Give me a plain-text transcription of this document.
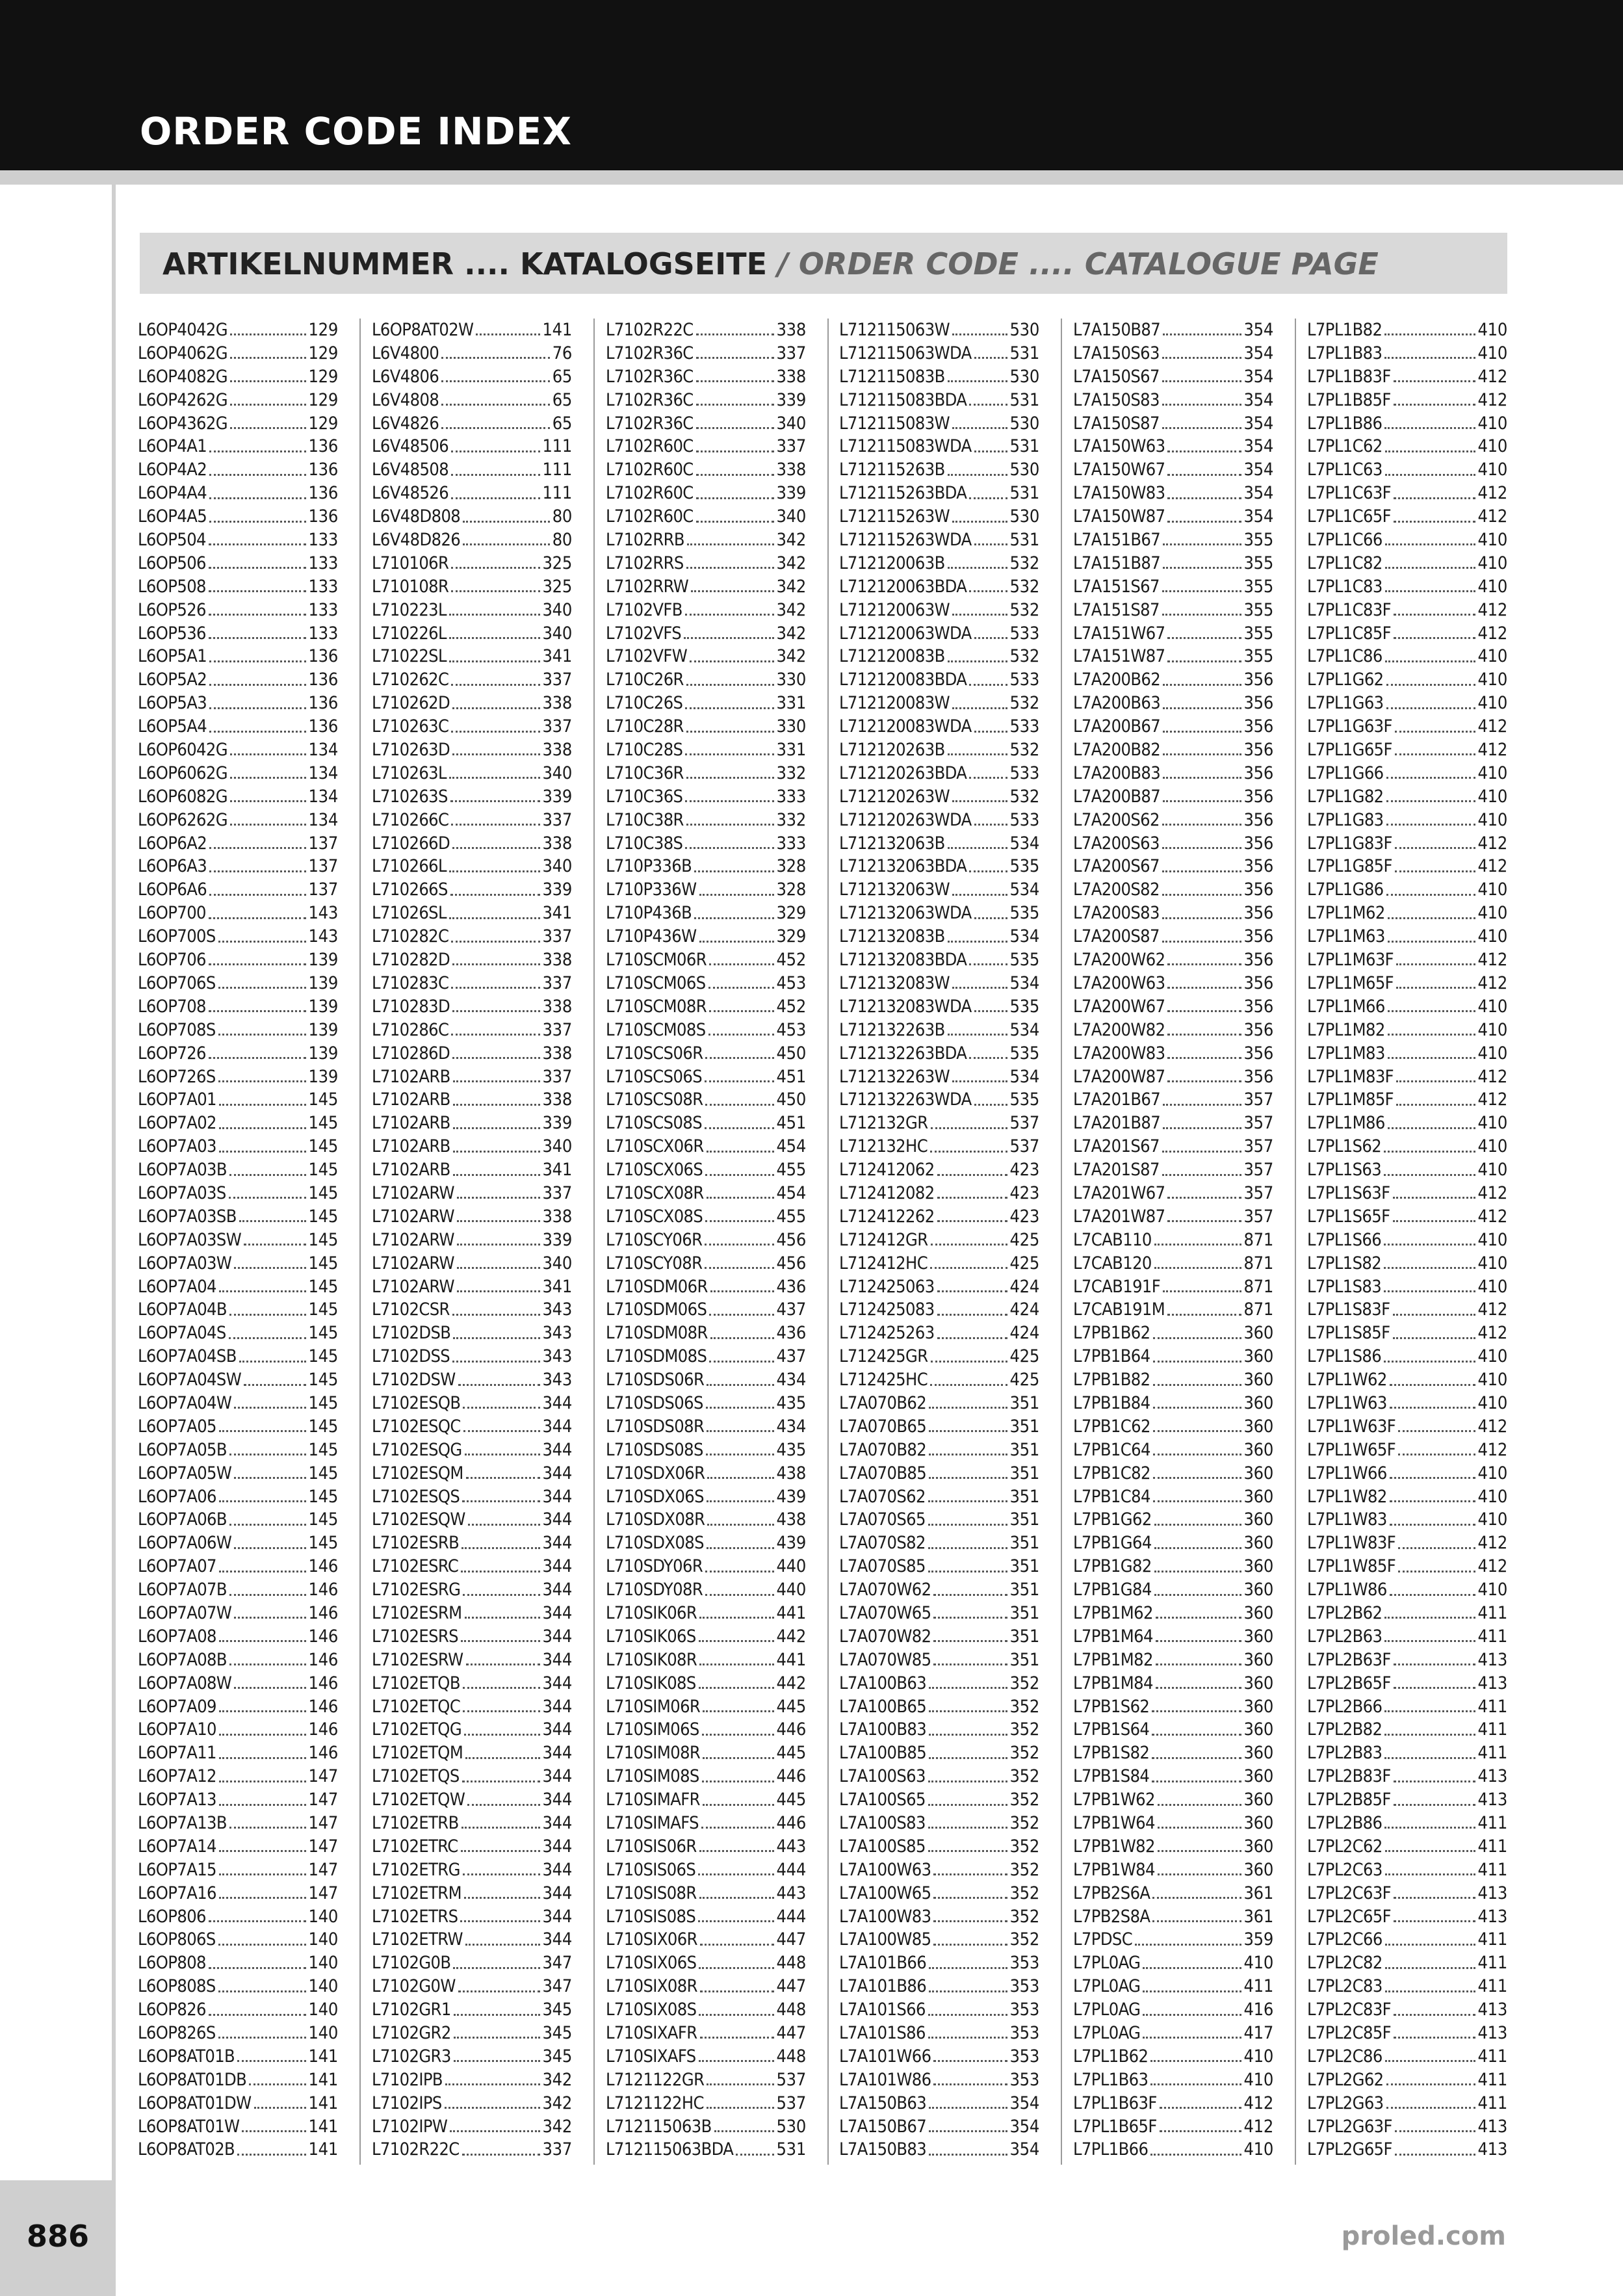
ORDER CODE INDEX
ARTIKELNUMMER .... KATALOGSEITE / ORDER CODE .... CATALOGUE PAGE
L6OP4042G	129
L6OP4062G	129
L6OP4082G	129
L6OP4262G	129
L6OP4362G	129
L6OP4A1	136
L6OP4A2	136
L6OP4A4	136
L6OP4A5	136
L6OP504	133
L6OP506	133
L6OP508	133
L6OP526	133
L6OP536	133
L6OP5A1	136
L6OP5A2	136
L6OP5A3	136
L6OP5A4	136
L6OP6042G	134
L6OP6062G	134
L6OP6082G	134
L6OP6262G	134
L6OP6A2	137
L6OP6A3	137
L6OP6A6	137
L6OP700	143
L6OP700S	143
L6OP706	139
L6OP706S	139
L6OP708	139
L6OP708S	139
L6OP726	139
L6OP726S	139
L6OP7A01	145
L6OP7A02	145
L6OP7A03	145
L6OP7A03B	145
L6OP7A03S	145
L6OP7A03SB	145
L6OP7A03SW	145
L6OP7A03W	145
L6OP7A04	145
L6OP7A04B	145
L6OP7A04S	145
L6OP7A04SB	145
L6OP7A04SW	145
L6OP7A04W	145
L6OP7A05	145
L6OP7A05B	145
L6OP7A05W	145
L6OP7A06	145
L6OP7A06B	145
L6OP7A06W	145
L6OP7A07	146
L6OP7A07B	146
L6OP7A07W	146
L6OP7A08	146
L6OP7A08B	146
L6OP7A08W	146
L6OP7A09	146
L6OP7A10	146
L6OP7A11	146
L6OP7A12	147
L6OP7A13	147
L6OP7A13B	147
L6OP7A14	147
L6OP7A15	147
L6OP7A16	147
L6OP806	140
L6OP806S	140
L6OP808	140
L6OP808S	140
L6OP826	140
L6OP826S	140
L6OP8AT01B	141
L6OP8AT01DB	141
L6OP8AT01DW	141
L6OP8AT01W	141
L6OP8AT02B	141
L6OP8AT02W	141
L6V4800	76
L6V4806	65
L6V4808	65
L6V4826	65
L6V48506	111
L6V48508	111
L6V48526	111
L6V48D808	80
L6V48D826	80
L710106R	325
L710108R	325
L710223L	340
L710226L	340
L71022SL	341
L710262C	337
L710262D	338
L710263C	337
L710263D	338
L710263L	340
L710263S	339
L710266C	337
L710266D	338
L710266L	340
L710266S	339
L71026SL	341
L710282C	337
L710282D	338
L710283C	337
L710283D	338
L710286C	337
L710286D	338
L7102ARB	337
L7102ARB	338
L7102ARB	339
L7102ARB	340
L7102ARB	341
L7102ARW	337
L7102ARW	338
L7102ARW	339
L7102ARW	340
L7102ARW	341
L7102CSR	343
L7102DSB	343
L7102DSS	343
L7102DSW	343
L7102ESQB	344
L7102ESQC	344
L7102ESQG	344
L7102ESQM	344
L7102ESQS	344
L7102ESQW	344
L7102ESRB	344
L7102ESRC	344
L7102ESRG	344
L7102ESRM	344
L7102ESRS	344
L7102ESRW	344
L7102ETQB	344
L7102ETQC	344
L7102ETQG	344
L7102ETQM	344
L7102ETQS	344
L7102ETQW	344
L7102ETRB	344
L7102ETRC	344
L7102ETRG	344
L7102ETRM	344
L7102ETRS	344
L7102ETRW	344
L7102G0B	347
L7102G0W	347
L7102GR1	345
L7102GR2	345
L7102GR3	345
L7102IPB	342
L7102IPS	342
L7102IPW	342
L7102R22C	337
L7102R22C	338
L7102R36C	337
L7102R36C	338
L7102R36C	339
L7102R36C	340
L7102R60C	337
L7102R60C	338
L7102R60C	339
L7102R60C	340
L7102RRB	342
L7102RRS	342
L7102RRW	342
L7102VFB	342
L7102VFS	342
L7102VFW	342
L710C26R	330
L710C26S	331
L710C28R	330
L710C28S	331
L710C36R	332
L710C36S	333
L710C38R	332
L710C38S	333
L710P336B	328
L710P336W	328
L710P436B	329
L710P436W	329
L710SCM06R	452
L710SCM06S	453
L710SCM08R	452
L710SCM08S	453
L710SCS06R	450
L710SCS06S	451
L710SCS08R	450
L710SCS08S	451
L710SCX06R	454
L710SCX06S	455
L710SCX08R	454
L710SCX08S	455
L710SCY06R	456
L710SCY08R	456
L710SDM06R	436
L710SDM06S	437
L710SDM08R	436
L710SDM08S	437
L710SDS06R	434
L710SDS06S	435
L710SDS08R	434
L710SDS08S	435
L710SDX06R	438
L710SDX06S	439
L710SDX08R	438
L710SDX08S	439
L710SDY06R	440
L710SDY08R	440
L710SIK06R	441
L710SIK06S	442
L710SIK08R	441
L710SIK08S	442
L710SIM06R	445
L710SIM06S	446
L710SIM08R	445
L710SIM08S	446
L710SIMAFR	445
L710SIMAFS	446
L710SIS06R	443
L710SIS06S	444
L710SIS08R	443
L710SIS08S	444
L710SIX06R	447
L710SIX06S	448
L710SIX08R	447
L710SIX08S	448
L710SIXAFR	447
L710SIXAFS	448
L7121122GR	537
L7121122HC	537
L712115063B	530
L712115063BDA 531
L712115063W	530
L712115063WDA 531
L712115083B	530
L712115083BDA 531
L712115083W	530
L712115083WDA 531
L712115263B	530
L712115263BDA 531
L712115263W	530
L712115263WDA 531
L712120063B	532
L712120063BDA 532
L712120063W	532
L712120063WDA 533
L712120083B	532
L712120083BDA 533
L712120083W	532
L712120083WDA 533
L712120263B	532
L712120263BDA 533
L712120263W	532
L712120263WDA 533
L712132063B	534
L712132063BDA 535
L712132063W	534
L712132063WDA 535
L712132083B	534
L712132083BDA 535
L712132083W	534
L712132083WDA 535
L712132263B	534
L712132263BDA 535
L712132263W	534
L712132263WDA 535
L712132GR	537
L712132HC	537
L712412062	423
L712412082	423
L712412262	423
L712412GR	425
L712412HC	425
L712425063	424
L712425083	424
L712425263	424
L712425GR	425
L712425HC	425
L7A070B62	351
L7A070B65	351
L7A070B82	351
L7A070B85	351
L7A070S62	351
L7A070S65	351
L7A070S82	351
L7A070S85	351
L7A070W62	351
L7A070W65	351
L7A070W82	351
L7A070W85	351
L7A100B63	352
L7A100B65	352
L7A100B83	352
L7A100B85	352
L7A100S63	352
L7A100S65	352
L7A100S83	352
L7A100S85	352
L7A100W63	352
L7A100W65	352
L7A100W83	352
L7A100W85	352
L7A101B66	353
L7A101B86	353
L7A101S66	353
L7A101S86	353
L7A101W66	353
L7A101W86	353
L7A150B63	354
L7A150B67	354
L7A150B83	354
L7A150B87	354
L7A150S63	354
L7A150S67	354
L7A150S83	354
L7A150S87	354
L7A150W63	354
L7A150W67	354
L7A150W83	354
L7A150W87	354
L7A151B67	355
L7A151B87	355
L7A151S67	355
L7A151S87	355
L7A151W67	355
L7A151W87	355
L7A200B62	356
L7A200B63	356
L7A200B67	356
L7A200B82	356
L7A200B83	356
L7A200B87	356
L7A200S62	356
L7A200S63	356
L7A200S67	356
L7A200S82	356
L7A200S83	356
L7A200S87	356
L7A200W62	356
L7A200W63	356
L7A200W67	356
L7A200W82	356
L7A200W83	356
L7A200W87	356
L7A201B67	357
L7A201B87	357
L7A201S67	357
L7A201S87	357
L7A201W67	357
L7A201W87	357
L7CAB110	871
L7CAB120	871
L7CAB191F	871
L7CAB191M	871
L7PB1B62	360
L7PB1B64	360
L7PB1B82	360
L7PB1B84	360
L7PB1C62	360
L7PB1C64	360
L7PB1C82	360
L7PB1C84	360
L7PB1G62	360
L7PB1G64	360
L7PB1G82	360
L7PB1G84	360
L7PB1M62	360
L7PB1M64	360
L7PB1M82	360
L7PB1M84	360
L7PB1S62	360
L7PB1S64	360
L7PB1S82	360
L7PB1S84	360
L7PB1W62	360
L7PB1W64	360
L7PB1W82	360
L7PB1W84	360
L7PB2S6A	361
L7PB2S8A	361
L7PDSC	359
L7PL0AG	410
L7PL0AG	411
L7PL0AG	416
L7PL0AG	417
L7PL1B62	410
L7PL1B63	410
L7PL1B63F	412
L7PL1B65F	412
L7PL1B66	410
L7PL1B82	410
L7PL1B83	410
L7PL1B83F	412
L7PL1B85F	412
L7PL1B86	410
L7PL1C62	410
L7PL1C63	410
L7PL1C63F	412
L7PL1C65F	412
L7PL1C66	410
L7PL1C82	410
L7PL1C83	410
L7PL1C83F	412
L7PL1C85F	412
L7PL1C86	410
L7PL1G62	410
L7PL1G63	410
L7PL1G63F	412
L7PL1G65F	412
L7PL1G66	410
L7PL1G82	410
L7PL1G83	410
L7PL1G83F	412
L7PL1G85F	412
L7PL1G86	410
L7PL1M62	410
L7PL1M63	410
L7PL1M63F	412
L7PL1M65F	412
L7PL1M66	410
L7PL1M82	410
L7PL1M83	410
L7PL1M83F	412
L7PL1M85F	412
L7PL1M86	410
L7PL1S62	410
L7PL1S63	410
L7PL1S63F	412
L7PL1S65F	412
L7PL1S66	410
L7PL1S82	410
L7PL1S83	410
L7PL1S83F	412
L7PL1S85F	412
L7PL1S86	410
L7PL1W62	410
L7PL1W63	410
L7PL1W63F	412
L7PL1W65F	412
L7PL1W66	410
L7PL1W82	410
L7PL1W83	410
L7PL1W83F	412
L7PL1W85F	412
L7PL1W86	410
L7PL2B62	411
L7PL2B63	411
L7PL2B63F	413
L7PL2B65F	413
L7PL2B66	411
L7PL2B82	411
L7PL2B83	411
L7PL2B83F	413
L7PL2B85F	413
L7PL2B86	411
L7PL2C62	411
L7PL2C63	411
L7PL2C63F	413
L7PL2C65F	413
L7PL2C66	411
L7PL2C82	411
L7PL2C83	411
L7PL2C83F	413
L7PL2C85F	413
L7PL2C86	411
L7PL2G62	411
L7PL2G63	411
L7PL2G63F	413
L7PL2G65F	413
886	proled.com
